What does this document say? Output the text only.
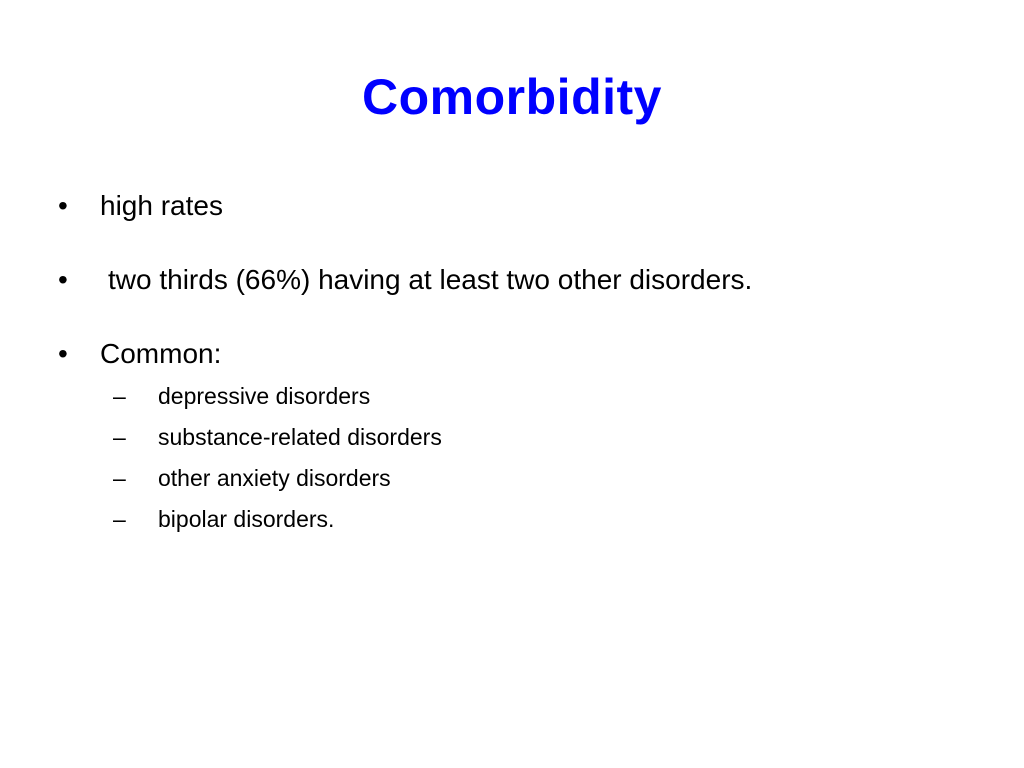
Comorbidity
•	high rates
•	two thirds (66%) having at least two other disorders.
•	Common:
–	depressive disorders
–	substance-related disorders
–	other anxiety disorders
–	bipolar disorders.
